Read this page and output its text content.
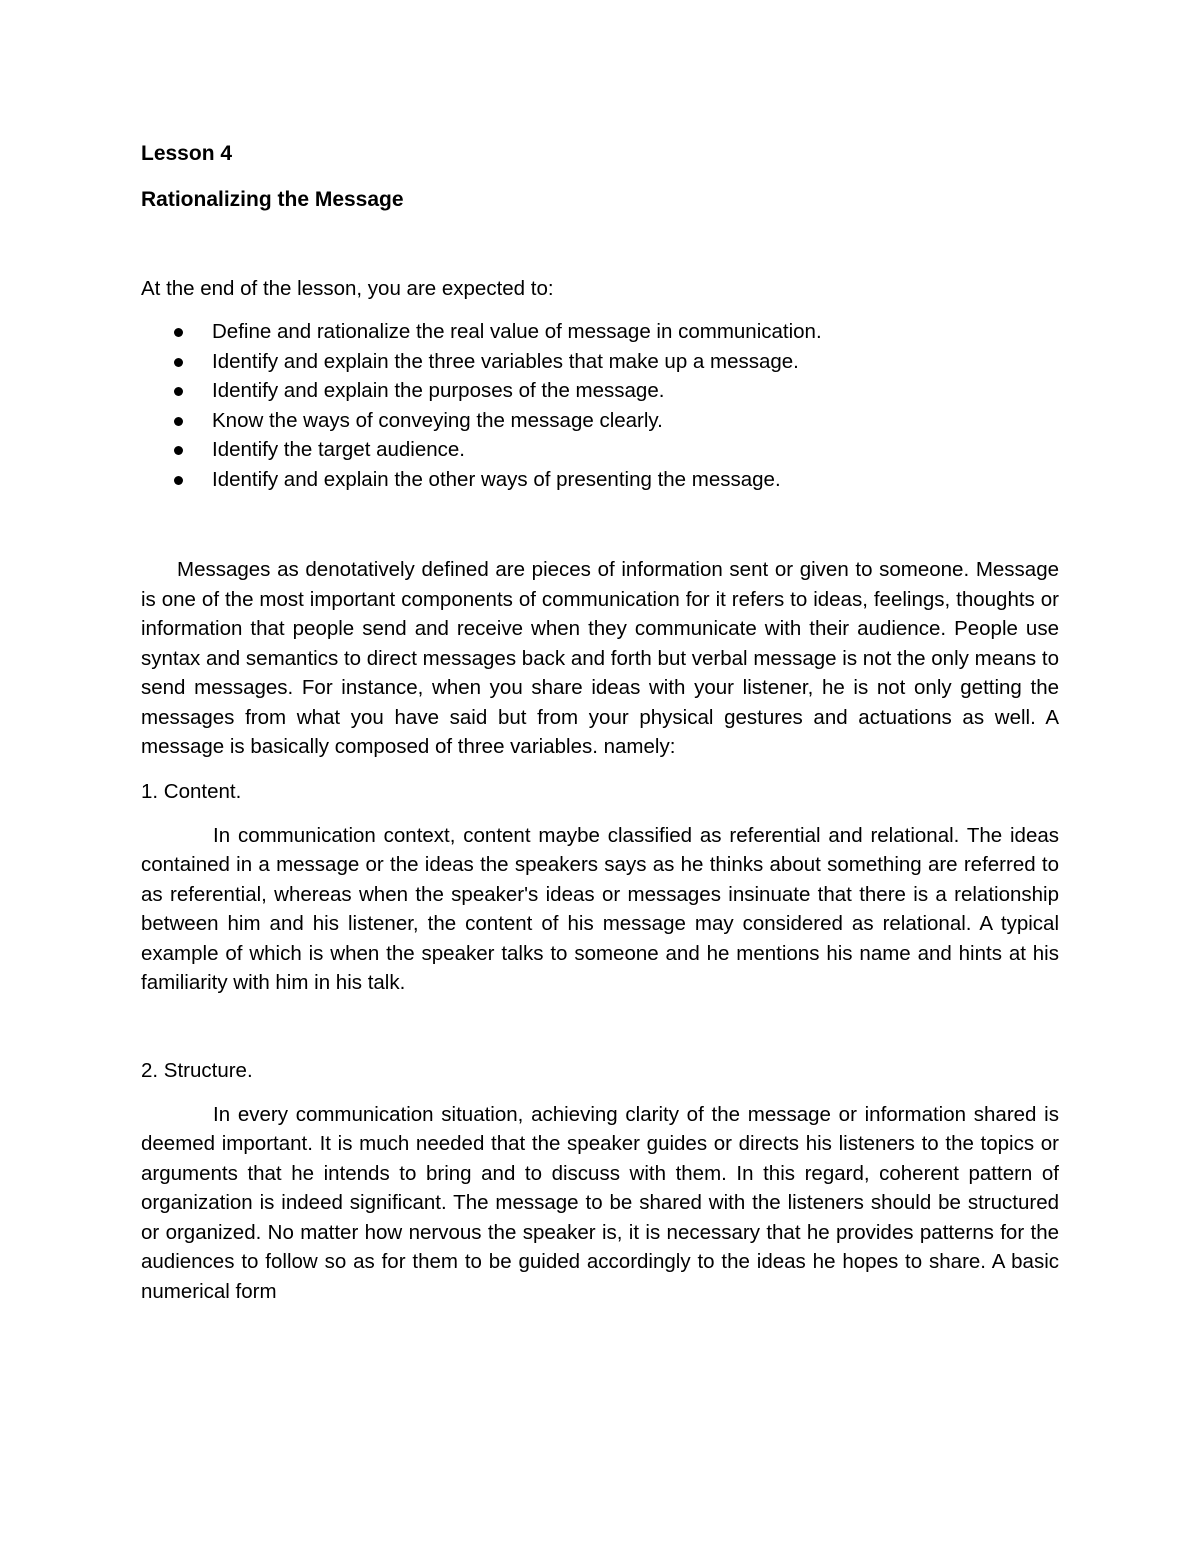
Lesson 4

Rationalizing the Message

At the end of the lesson, you are expected to:

Define and rationalize the real value of message in communication.
Identify and explain the three variables that make up a message.
Identify and explain the purposes of the message.
Know the ways of conveying the message clearly.
Identify the target audience.
Identify and explain the other ways of presenting the message.

Messages as denotatively defined are pieces of information sent or given to someone. Message is one of the most important components of communication for it refers to ideas, feelings, thoughts or information that people send and receive when they communicate with their audience. People use syntax and semantics to direct messages back and forth but verbal message is not the only means to send messages. For instance, when you share ideas with your listener, he is not only getting the messages from what you have said but from your physical gestures and actuations as well. A message is basically composed of three variables. namely:

1. Content.

In communication context, content maybe classified as referential and relational. The ideas contained in a message or the ideas the speakers says as he thinks about something are referred to as referential, whereas when the speaker's ideas or messages insinuate that there is a relationship between him and his listener, the content of his message may considered as relational. A typical example of which is when the speaker talks to someone and he mentions his name and hints at his familiarity with him in his talk.

2. Structure.

In every communication situation, achieving clarity of the message or information shared is deemed important. It is much needed that the speaker guides or directs his listeners to the topics or arguments that he intends to bring and to discuss with them. In this regard, coherent pattern of organization is indeed significant. The message to be shared with the listeners should be structured or organized. No matter how nervous the speaker is, it is necessary that he provides patterns for the audiences to follow so as for them to be guided accordingly to the ideas he hopes to share. A basic numerical form
